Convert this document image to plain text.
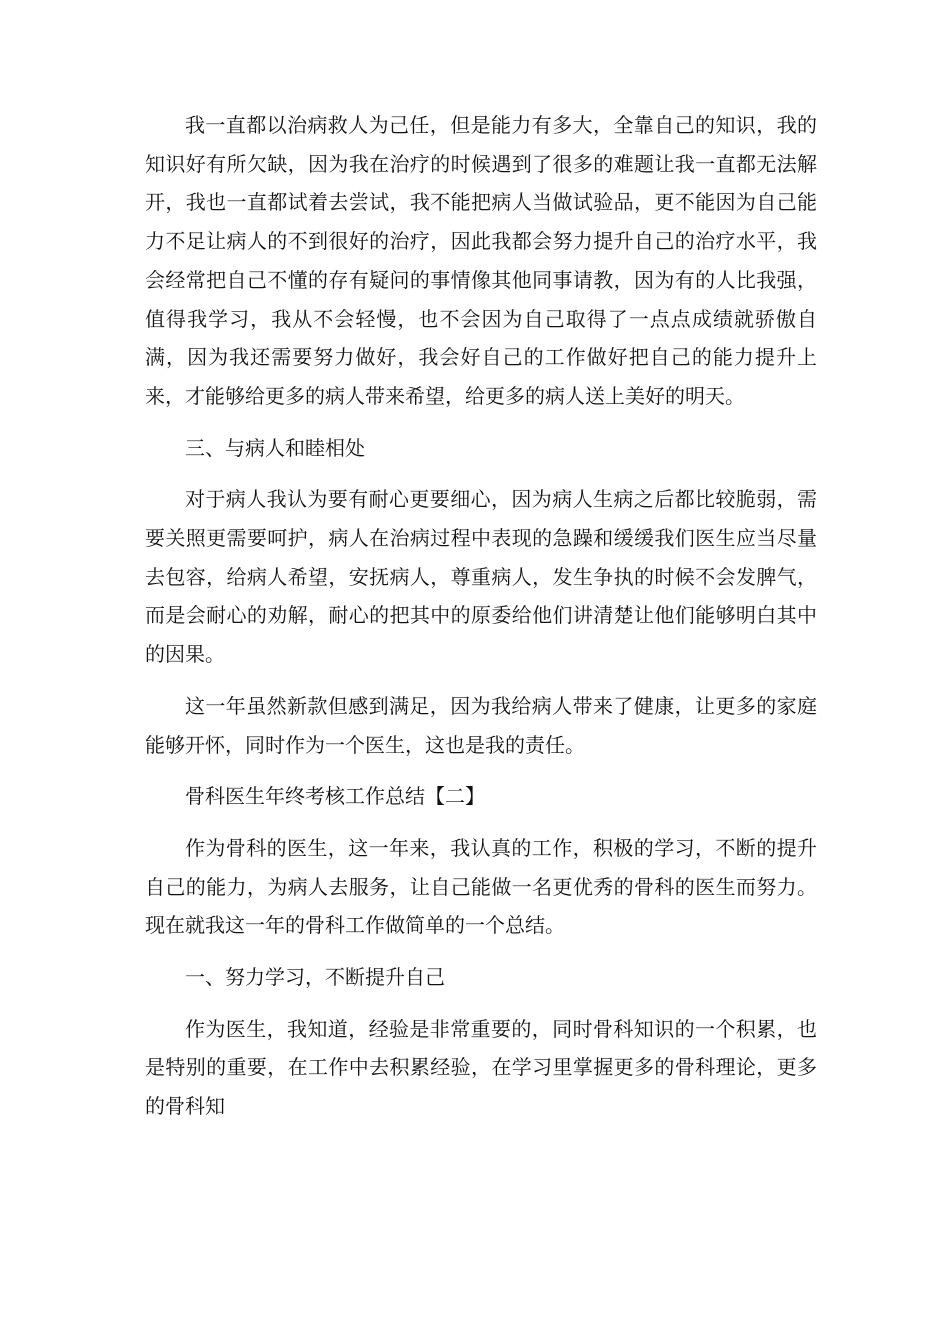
我一直都以治病救人为己任，但是能力有多大，全靠自己的知识，我的知识好有所欠缺，因为我在治疗的时候遇到了很多的难题让我一直都无法解开，我也一直都试着去尝试，我不能把病人当做试验品，更不能因为自己能力不足让病人的不到很好的治疗，因此我都会努力提升自己的治疗水平，我会经常把自己不懂的存有疑问的事情像其他同事请教，因为有的人比我强，值得我学习，我从不会轻慢，也不会因为自己取得了一点点成绩就骄傲自满，因为我还需要努力做好，我会好自己的工作做好把自己的能力提升上来，才能够给更多的病人带来希望，给更多的病人送上美好的明天。

三、与病人和睦相处

对于病人我认为要有耐心更要细心，因为病人生病之后都比较脆弱，需要关照更需要呵护，病人在治病过程中表现的急躁和缓缓我们医生应当尽量去包容，给病人希望，安抚病人，尊重病人，发生争执的时候不会发脾气，而是会耐心的劝解，耐心的把其中的原委给他们讲清楚让他们能够明白其中的因果。

这一年虽然新款但感到满足，因为我给病人带来了健康，让更多的家庭能够开怀，同时作为一个医生，这也是我的责任。

骨科医生年终考核工作总结【二】

作为骨科的医生，这一年来，我认真的工作，积极的学习，不断的提升自己的能力，为病人去服务，让自己能做一名更优秀的骨科的医生而努力。现在就我这一年的骨科工作做简单的一个总结。

一、努力学习，不断提升自己

作为医生，我知道，经验是非常重要的，同时骨科知识的一个积累，也是特别的重要，在工作中去积累经验，在学习里掌握更多的骨科理论，更多的骨科知
